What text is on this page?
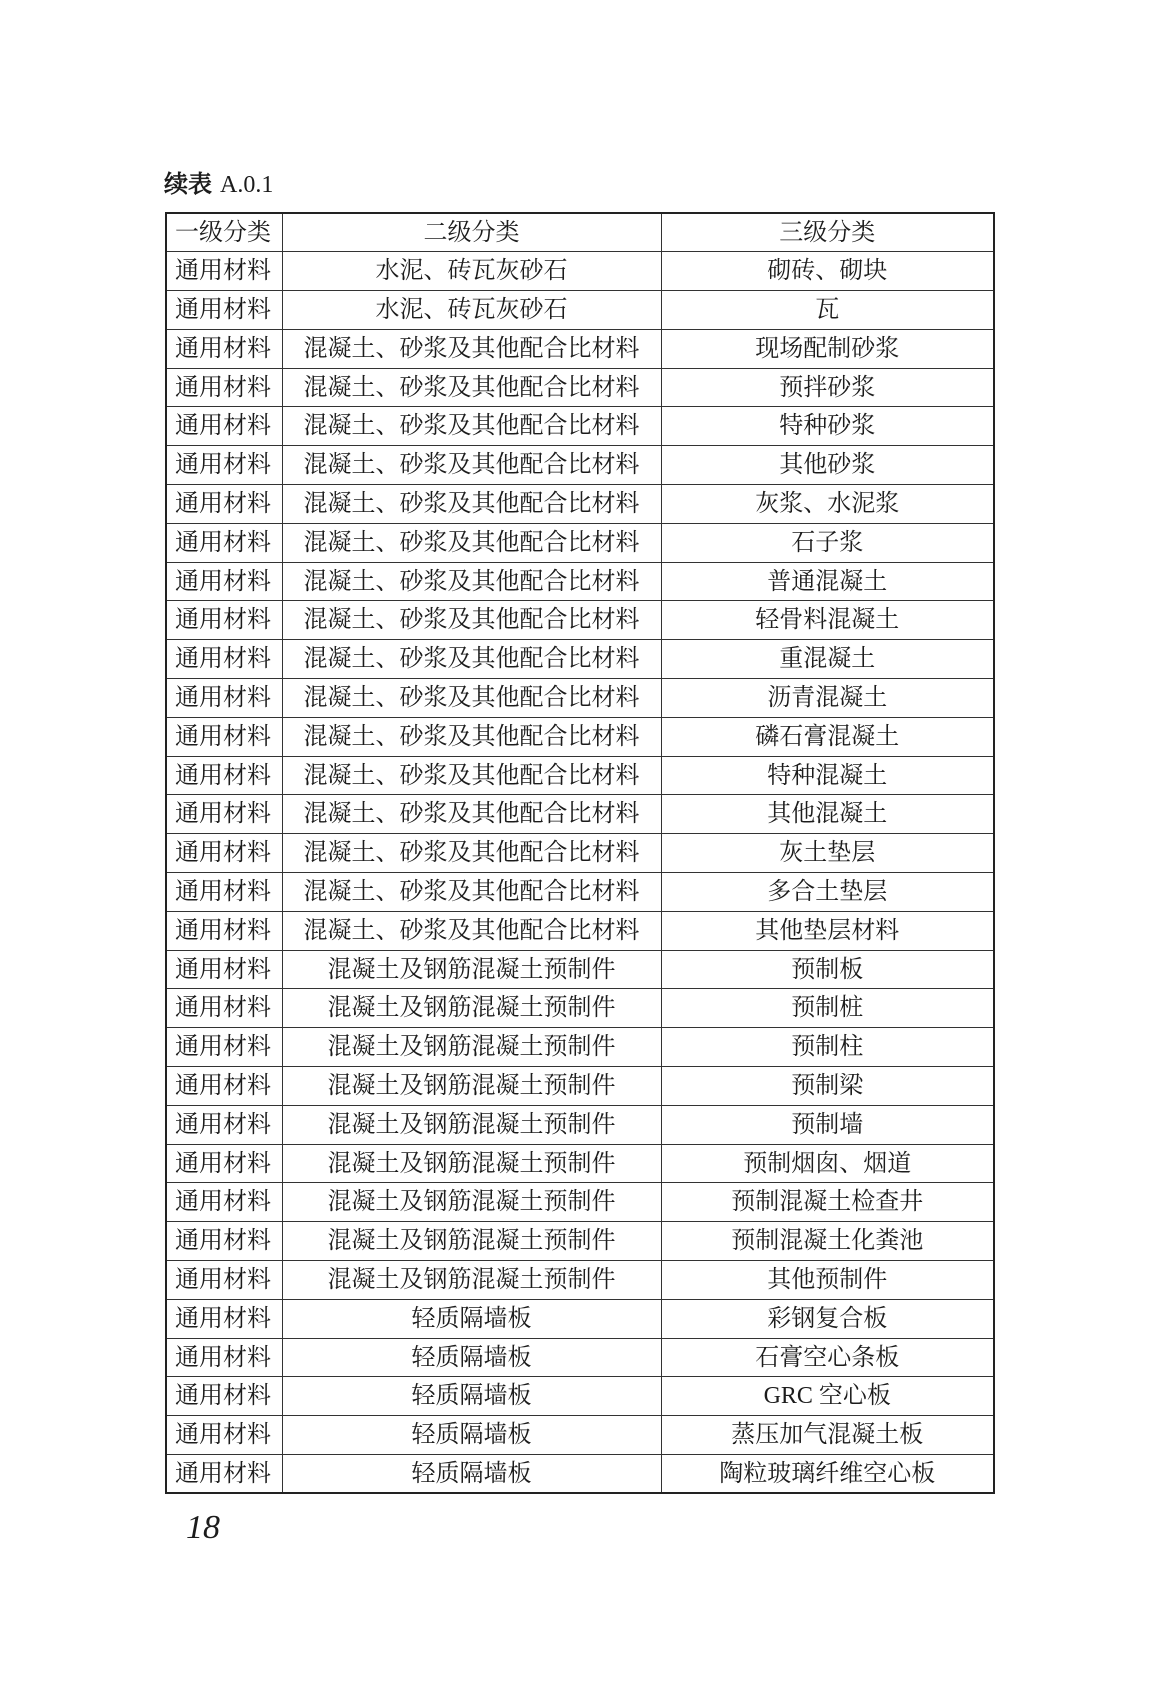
续表 A.0.1
一级分类	二级分类	三级分类
通用材料	水泥、砖瓦灰砂石	砌砖、砌块
通用材料	水泥、砖瓦灰砂石	瓦
通用材料	混凝土、砂浆及其他配合比材料	现场配制砂浆
通用材料	混凝土、砂浆及其他配合比材料	预拌砂浆
通用材料	混凝土、砂浆及其他配合比材料	特种砂浆
通用材料	混凝土、砂浆及其他配合比材料	其他砂浆
通用材料	混凝土、砂浆及其他配合比材料	灰浆、水泥浆
通用材料	混凝土、砂浆及其他配合比材料	石子浆
通用材料	混凝土、砂浆及其他配合比材料	普通混凝土
通用材料	混凝土、砂浆及其他配合比材料	轻骨料混凝土
通用材料	混凝土、砂浆及其他配合比材料	重混凝土
通用材料	混凝土、砂浆及其他配合比材料	沥青混凝土
通用材料	混凝土、砂浆及其他配合比材料	磷石膏混凝土
通用材料	混凝土、砂浆及其他配合比材料	特种混凝土
通用材料	混凝土、砂浆及其他配合比材料	其他混凝土
通用材料	混凝土、砂浆及其他配合比材料	灰土垫层
通用材料	混凝土、砂浆及其他配合比材料	多合土垫层
通用材料	混凝土、砂浆及其他配合比材料	其他垫层材料
通用材料	混凝土及钢筋混凝土预制件	预制板
通用材料	混凝土及钢筋混凝土预制件	预制桩
通用材料	混凝土及钢筋混凝土预制件	预制柱
通用材料	混凝土及钢筋混凝土预制件	预制梁
通用材料	混凝土及钢筋混凝土预制件	预制墙
通用材料	混凝土及钢筋混凝土预制件	预制烟囱、烟道
通用材料	混凝土及钢筋混凝土预制件	预制混凝土检查井
通用材料	混凝土及钢筋混凝土预制件	预制混凝土化粪池
通用材料	混凝土及钢筋混凝土预制件	其他预制件
通用材料	轻质隔墙板	彩钢复合板
通用材料	轻质隔墙板	石膏空心条板
通用材料	轻质隔墙板	GRC 空心板
通用材料	轻质隔墙板	蒸压加气混凝土板
通用材料	轻质隔墙板	陶粒玻璃纤维空心板
18
